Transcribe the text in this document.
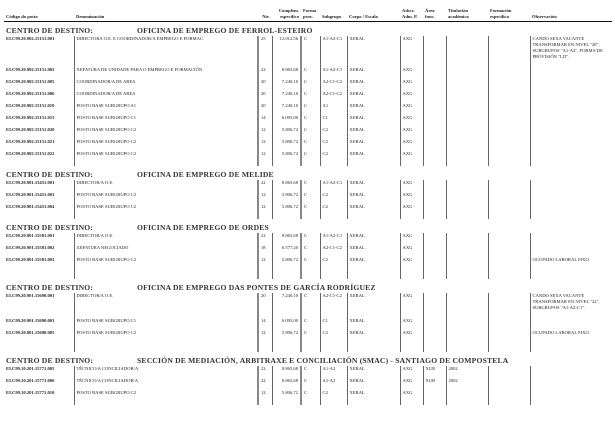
Código do posto	Denominación	Niv.	Complem. específico	Forma prov.	Subgrupo	Corpo / Escala	Adscr. Adm. P.	Área func.	Titulación académica	Formación específica	Observación
CENTRO DE DESTINO: OFICINA DE EMPREGO DE FERROL-ESTEIRO											

EI.C99.20.902.15151.001	DIRECTORA O.E. E COORDINADOR/A EMPREGO E FORMAC.	25	12.012,56	C	A1-A2-C1	XERAL	AXG				CANDO SEXA VACANTE TRANSFORMAR EN NIVEL "28", SUBGRUPOS "A1-A2", FORMA DE PROVISIÓN "LD".
EI.C99.20.902.15151.002	XEFATURA DE UNIDADE PARA O EMPREGO E FORMACIÓN	22	8.865,68	C	A1-A2-C1	XERAL	AXG				
EI.C99.20.902.15151.005	COORDINADOR/A DE AREA	20	7.240,10	C	A2-C1-C2	XERAL	AXG				
EI.C99.20.902.15151.006	COORDINADOR/A DE AREA	20	7.240,10	C	A2-C1-C2	XERAL	AXG				
EI.C99.20.902.15151.010	POSTO BASE SUBGRUPO A1	20	7.240,10	C	A1	XERAL	AXG				
EI.C99.20.902.15151.015	POSTO BASE SUBGRUPO C1	14	6.095,00	C	C1	XERAL	AXG				
EI.C99.20.902.15151.020	POSTO BASE SUBGRUPO C2	12	5.806,72	C	C2	XERAL	AXG				
EI.C99.20.902.15151.021	POSTO BASE SUBGRUPO C2	12	5.806,72	C	C2	XERAL	AXG				
EI.C99.20.902.15151.022	POSTO BASE SUBGRUPO C2	12	5.806,72	C	C2	XERAL	AXG				

CENTRO DE DESTINO: OFICINA DE EMPREGO DE MELIDE											

EI.C99.20.901.15451.001	DIRECTOR/A O.E.	22	8.865,68	C	A1-A2-C1	XERAL	AXG				
EI.C99.20.901.15451.003	POSTO BASE SUBGRUPO C2	12	5.806,72	C	C2	XERAL	AXG				
EI.C99.20.901.15451.004	POSTO BASE SUBGRUPO C2	12	5.806,72	C	C2	XERAL	AXG				

CENTRO DE DESTINO: OFICINA DE EMPREGO DE ORDES											

EI.C99.20.901.15581.001	DIRECTOR/A O.E.	22	8.865,68	C	A1-A2-C1	XERAL	AXG				
EI.C99.20.901.15581.002	XEFATURA NEGOCIADO	18	6.577,20	C	A2-C1-C2	XERAL	AXG				
EI.C99.20.901.15581.003	POSTO BASE SUBGRUPO C2	12	5.806,72	C	C2	XERAL	AXG				OCUPADO LABORAL FIXO.

CENTRO DE DESTINO: OFICINA DE EMPREGO DAS PONTES DE GARCÍA RODRÍGUEZ											

EI.C99.20.901.15690.001	DIRECTOR/A O.E.	20	7.240,10	C	A2-C1-C2	XERAL	AXG				CANDO SEXA VACANTE TRANSFORMAR EN NIVEL "22", SUBGRUPOS "A1-A2-C1".
EI.C99.20.901.15690.003	POSTO BASE SUBGRUPO C1	14	6.095,00	C	C1	XERAL	AXG				
EI.C99.20.901.15690.005	POSTO BASE SUBGRUPO C2	12	5.806,72	C	C2	XERAL	AXG				OCUPADO LABORAL FIXO.

CENTRO DE DESTINO: SECCIÓN DE MEDIACIÓN, ARBITRAXE E CONCILIACIÓN (SMAC) - SANTIAGO DE COMPOSTELA											

EI.C99.10.201.15771.005	TÉCNICO/A CONCILIADOR/A	22	8.865,68	C	A1-A2	XERAL	AXG	XUR	2002		
EI.C99.10.201.15771.006	TÉCNICO/A CONCILIADOR/A	22	8.865,68	C	A1-A2	XERAL	AXG	XUR	2002		
EI.C99.10.201.15771.010	POSTO BASE SUBGRUPO C2	12	5.806,72	C	C2	XERAL	AXG				
